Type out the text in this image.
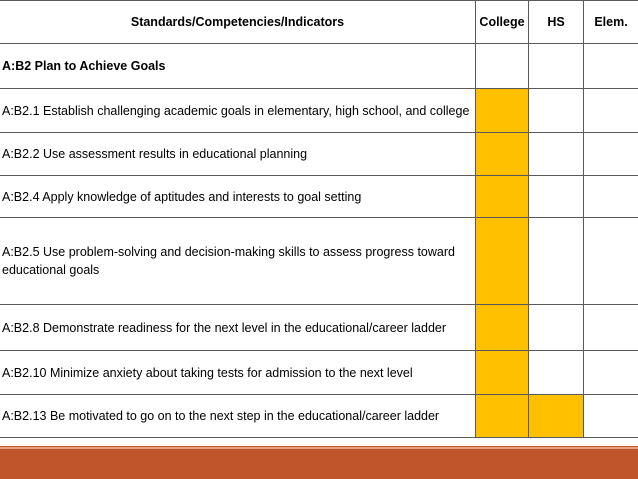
Standards/Competencies/Indicators	College	HS	Elem.
A:B2 Plan to Achieve Goals			
A:B2.1 Establish challenging academic goals in elementary, high school, and college			
A:B2.2 Use assessment results in educational planning			
A:B2.4 Apply knowledge of aptitudes and interests to goal setting			
A:B2.5 Use problem-solving and decision-making skills to assess progress toward educational goals			
A:B2.8 Demonstrate readiness for the next level in the educational/career ladder			
A:B2.10 Minimize anxiety about taking tests for admission to the next level			
A:B2.13 Be motivated to go on to the next step in the educational/career ladder			
